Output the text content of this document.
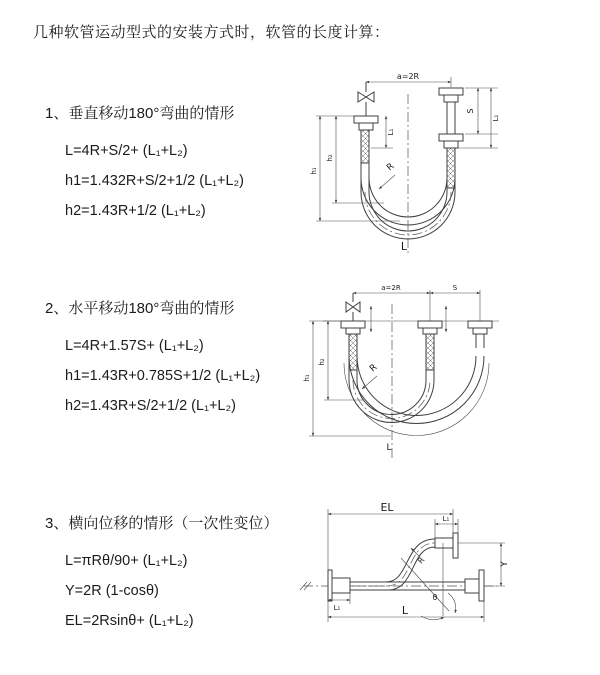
几种软管运动型式的安装方式时，软管的长度计算：
1、垂直移动180°弯曲的情形
L=4R+S/2+ (L₁+L₂)
h1=1.432R+S/2+1/2 (L₁+L₂)
h2=1.43R+1/2 (L₁+L₂)
2、水平移动180°弯曲的情形
L=4R+1.57S+ (L₁+L₂)
h1=1.43R+0.785S+1/2 (L₁+L₂)
h2=1.43R+S/2+1/2 (L₁+L₂)
3、横向位移的情形（一次性变位）
L=πRθ/90+ (L₁+L₂)
Y=2R (1-cosθ)
EL=2Rsinθ+ (L₁+L₂)
a=2R
R
S
L₁
L₁
h₂
h₁
L
a=2R	S
h₂
h₁
L
R
EL
L₁
Y
θ
R
L₁	L
